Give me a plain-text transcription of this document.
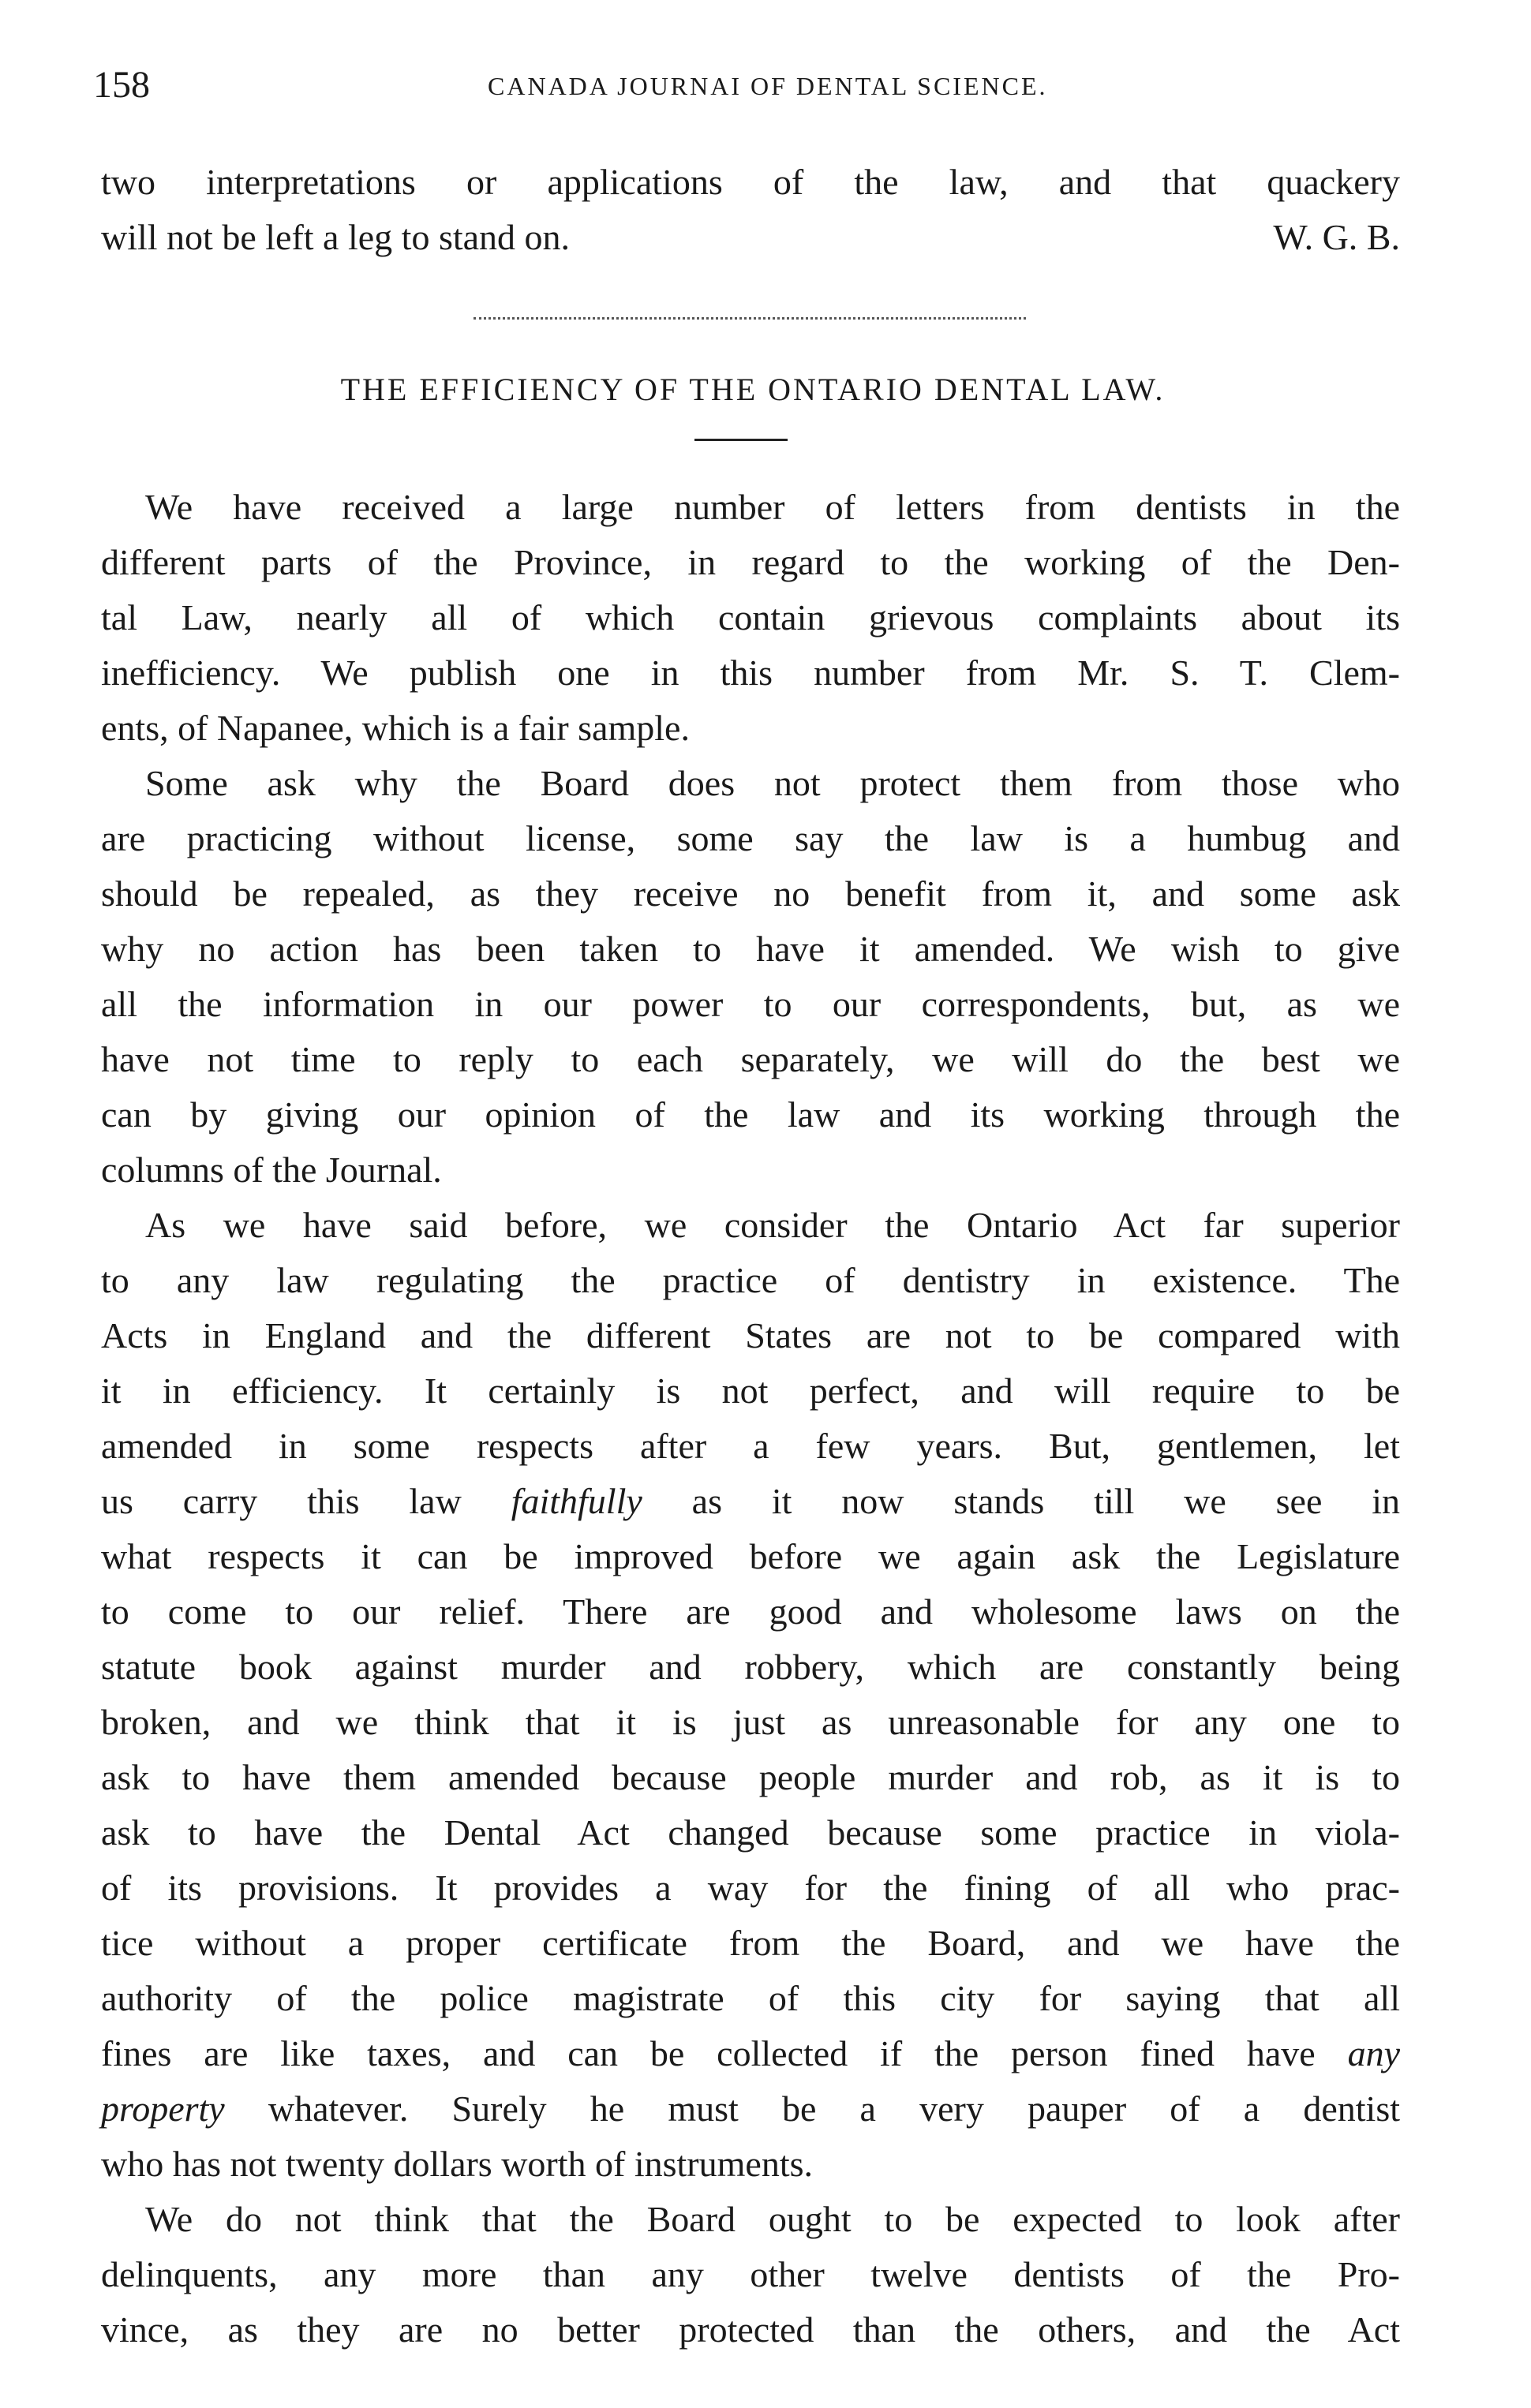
158	CANADA JOURNAI OF DENTAL SCIENCE.
two interpretations or applications of the law, and that quackery
will not be left a leg to stand on.	W. G. B.
THE EFFICIENCY OF THE ONTARIO DENTAL LAW.
We have received a large number of letters from dentists in the
different parts of the Province, in regard to the working of the Den-
tal Law, nearly all of which contain grievous complaints about its
inefficiency. We publish one in this number from Mr. S. T. Clem-
ents, of Napanee, which is a fair sample.
Some ask why the Board does not protect them from those who
are practicing without license, some say the law is a humbug and
should be repealed, as they receive no benefit from it, and some ask
why no action has been taken to have it amended. We wish to give
all the information in our power to our correspondents, but, as we
have not time to reply to each separately, we will do the best we
can by giving our opinion of the law and its working through the
columns of the Journal.
As we have said before, we consider the Ontario Act far superior
to any law regulating the practice of dentistry in existence. The
Acts in England and the different States are not to be compared with
it in efficiency. It certainly is not perfect, and will require to be
amended in some respects after a few years. But, gentlemen, let
us carry this law faithfully as it now stands till we see in
what respects it can be improved before we again ask the Legislature
to come to our relief. There are good and wholesome laws on the
statute book against murder and robbery, which are constantly being
broken, and we think that it is just as unreasonable for any one to
ask to have them amended because people murder and rob, as it is to
ask to have the Dental Act changed because some practice in viola-
of its provisions. It provides a way for the fining of all who prac-
tice without a proper certificate from the Board, and we have the
authority of the police magistrate of this city for saying that all
fines are like taxes, and can be collected if the person fined have any
property whatever. Surely he must be a very pauper of a dentist
who has not twenty dollars worth of instruments.
We do not think that the Board ought to be expected to look after
delinquents, any more than any other twelve dentists of the Pro-
vince, as they are no better protected than the others, and the Act
